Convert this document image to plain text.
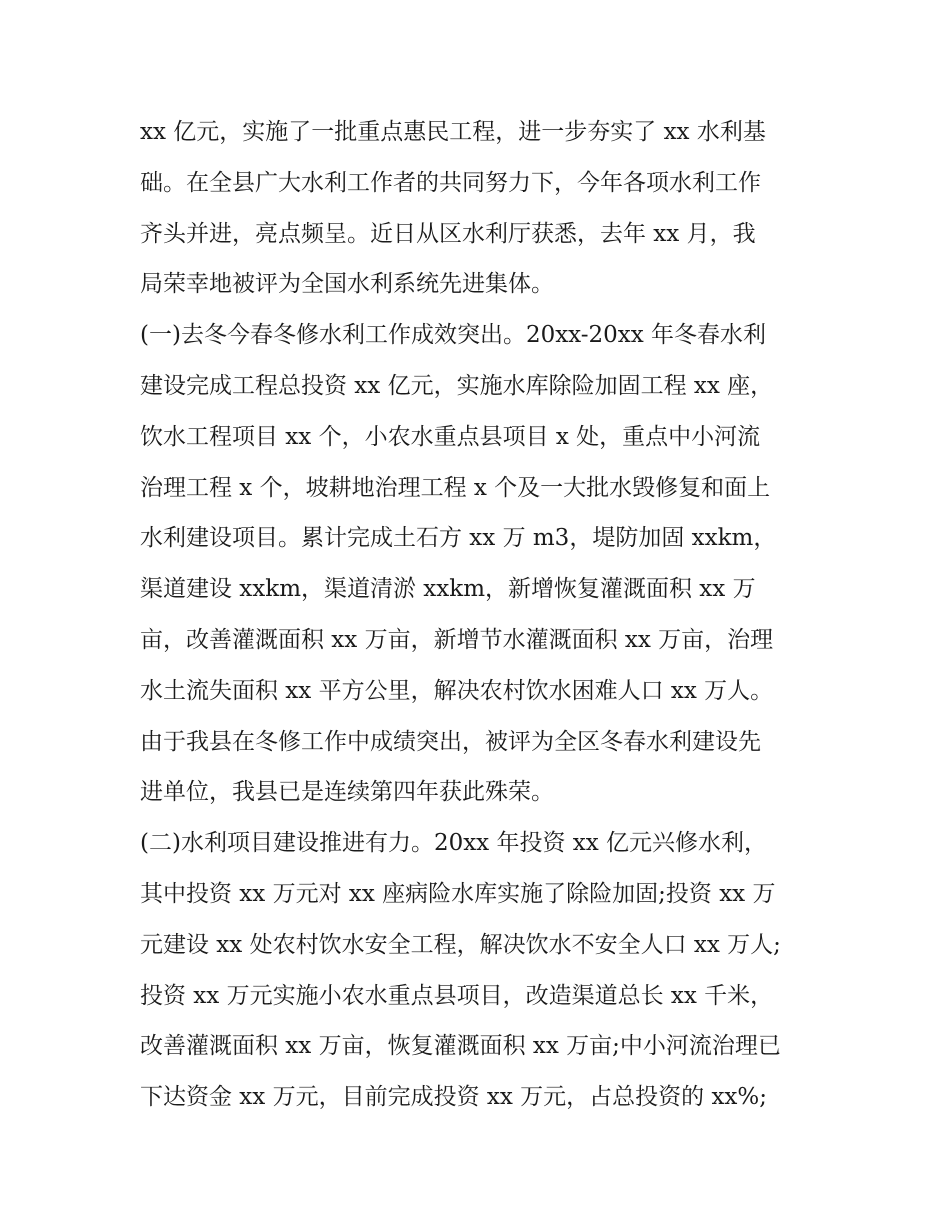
xx 亿元，实施了一批重点惠民工程，进一步夯实了 xx 水利基
础。在全县广大水利工作者的共同努力下，今年各项水利工作
齐头并进，亮点频呈。近日从区水利厅获悉，去年 xx 月，我
局荣幸地被评为全国水利系统先进集体。
(一)去冬今春冬修水利工作成效突出。20xx-20xx 年冬春水利
建设完成工程总投资 xx 亿元，实施水库除险加固工程 xx 座，
饮水工程项目 xx 个，小农水重点县项目 x 处，重点中小河流
治理工程 x 个，坡耕地治理工程 x 个及一大批水毁修复和面上
水利建设项目。累计完成土石方 xx 万 m3，堤防加固 xxkm，
渠道建设 xxkm，渠道清淤 xxkm，新增恢复灌溉面积 xx 万
亩，改善灌溉面积 xx 万亩，新增节水灌溉面积 xx 万亩，治理
水土流失面积 xx 平方公里，解决农村饮水困难人口 xx 万人。
由于我县在冬修工作中成绩突出，被评为全区冬春水利建设先
进单位，我县已是连续第四年获此殊荣。
(二)水利项目建设推进有力。20xx 年投资 xx 亿元兴修水利，
其中投资 xx 万元对 xx 座病险水库实施了除险加固;投资 xx 万
元建设 xx 处农村饮水安全工程，解决饮水不安全人口 xx 万人;
投资 xx 万元实施小农水重点县项目，改造渠道总长 xx 千米，
改善灌溉面积 xx 万亩，恢复灌溉面积 xx 万亩;中小河流治理已
下达资金 xx 万元，目前完成投资 xx 万元，占总投资的 xx%;
